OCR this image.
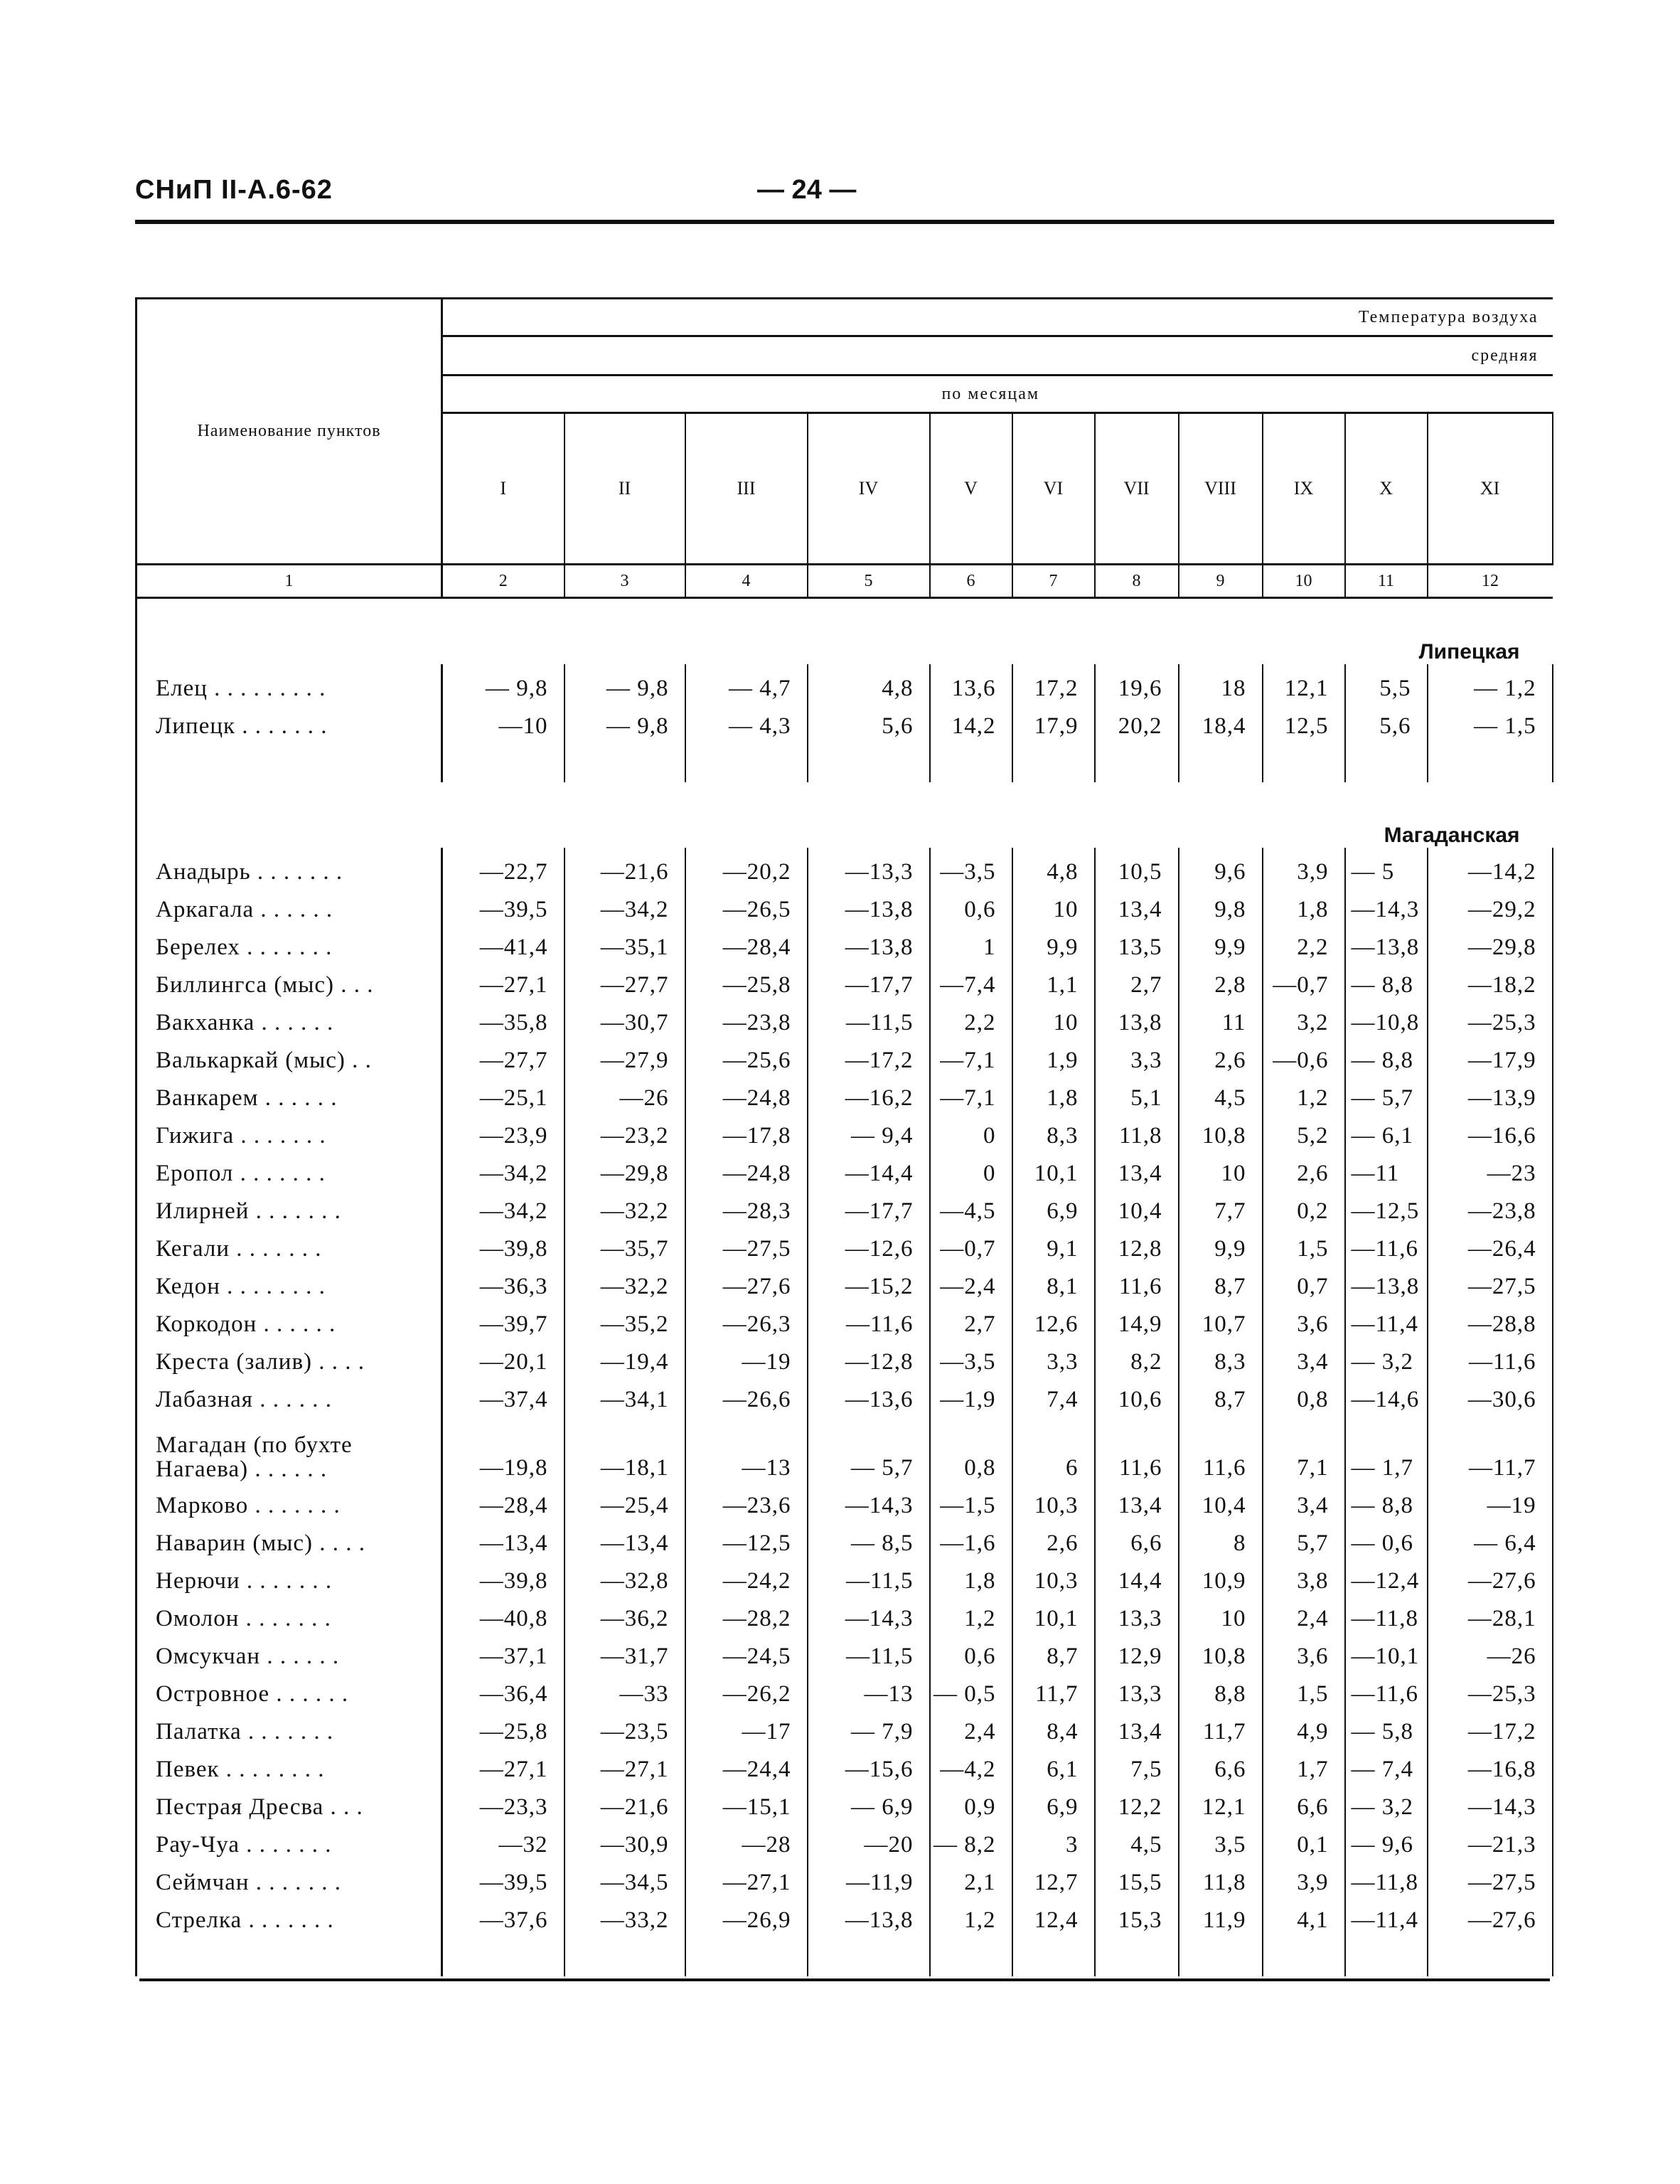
СНиП II-А.6-62	— 24 —
Наименование пунктов	Температура воздуха										
	средняя										
	по месяцам										
	I	II	III	IV	V	VI	VII	VIII	IX	X	XI
1	2	3	4	5	6	7	8	9	10	11	12
	Липецкая										
Елец . . . . . . . . .	— 9,8	— 9,8	— 4,7	4,8	13,6	17,2	19,6	18	12,1	5,5	— 1,2
Липецк . . . . . . .	—10	— 9,8	— 4,3	5,6	14,2	17,9	20,2	18,4	12,5	5,6	— 1,5

	Магаданская										
Анадырь . . . . . . .	—22,7	—21,6	—20,2	—13,3	—3,5	4,8	10,5	9,6	3,9	— 5	—14,2
Аркагала . . . . . .	—39,5	—34,2	—26,5	—13,8	0,6	10	13,4	9,8	1,8	—14,3	—29,2
Берелех . . . . . . .	—41,4	—35,1	—28,4	—13,8	1	9,9	13,5	9,9	2,2	—13,8	—29,8
Биллингса (мыс) . . .	—27,1	—27,7	—25,8	—17,7	—7,4	1,1	2,7	2,8	—0,7	— 8,8	—18,2
Вакханка . . . . . .	—35,8	—30,7	—23,8	—11,5	2,2	10	13,8	11	3,2	—10,8	—25,3
Валькаркай (мыс) . .	—27,7	—27,9	—25,6	—17,2	—7,1	1,9	3,3	2,6	—0,6	— 8,8	—17,9
Ванкарем . . . . . .	—25,1	—26	—24,8	—16,2	—7,1	1,8	5,1	4,5	1,2	— 5,7	—13,9
Гижига . . . . . . .	—23,9	—23,2	—17,8	— 9,4	0	8,3	11,8	10,8	5,2	— 6,1	—16,6
Еропол . . . . . . .	—34,2	—29,8	—24,8	—14,4	0	10,1	13,4	10	2,6	—11	—23
Илирней . . . . . . .	—34,2	—32,2	—28,3	—17,7	—4,5	6,9	10,4	7,7	0,2	—12,5	—23,8
Кегали . . . . . . .	—39,8	—35,7	—27,5	—12,6	—0,7	9,1	12,8	9,9	1,5	—11,6	—26,4
Кедон . . . . . . . .	—36,3	—32,2	—27,6	—15,2	—2,4	8,1	11,6	8,7	0,7	—13,8	—27,5
Коркодон . . . . . .	—39,7	—35,2	—26,3	—11,6	2,7	12,6	14,9	10,7	3,6	—11,4	—28,8
Креста (залив) . . . .	—20,1	—19,4	—19	—12,8	—3,5	3,3	8,2	8,3	3,4	— 3,2	—11,6
Лабазная . . . . . .	—37,4	—34,1	—26,6	—13,6	—1,9	7,4	10,6	8,7	0,8	—14,6	—30,6
Магадан (по бухте Нагаева) . . . . . .	—19,8	—18,1	—13	— 5,7	0,8	6	11,6	11,6	7,1	— 1,7	—11,7
Марково . . . . . . .	—28,4	—25,4	—23,6	—14,3	—1,5	10,3	13,4	10,4	3,4	— 8,8	—19
Наварин (мыс) . . . .	—13,4	—13,4	—12,5	— 8,5	—1,6	2,6	6,6	8	5,7	— 0,6	— 6,4
Нерючи . . . . . . .	—39,8	—32,8	—24,2	—11,5	1,8	10,3	14,4	10,9	3,8	—12,4	—27,6
Омолон . . . . . . .	—40,8	—36,2	—28,2	—14,3	1,2	10,1	13,3	10	2,4	—11,8	—28,1
Омсукчан . . . . . .	—37,1	—31,7	—24,5	—11,5	0,6	8,7	12,9	10,8	3,6	—10,1	—26
Островное . . . . . .	—36,4	—33	—26,2	—13	— 0,5	11,7	13,3	8,8	1,5	—11,6	—25,3
Палатка . . . . . . .	—25,8	—23,5	—17	— 7,9	2,4	8,4	13,4	11,7	4,9	— 5,8	—17,2
Певек . . . . . . . .	—27,1	—27,1	—24,4	—15,6	—4,2	6,1	7,5	6,6	1,7	— 7,4	—16,8
Пестрая Дресва . . .	—23,3	—21,6	—15,1	— 6,9	0,9	6,9	12,2	12,1	6,6	— 3,2	—14,3
Рау-Чуа . . . . . . .	—32	—30,9	—28	—20	— 8,2	3	4,5	3,5	0,1	— 9,6	—21,3
Сеймчан . . . . . . .	—39,5	—34,5	—27,1	—11,9	2,1	12,7	15,5	11,8	3,9	—11,8	—27,5
Стрелка . . . . . . .	—37,6	—33,2	—26,9	—13,8	1,2	12,4	15,3	11,9	4,1	—11,4	—27,6
